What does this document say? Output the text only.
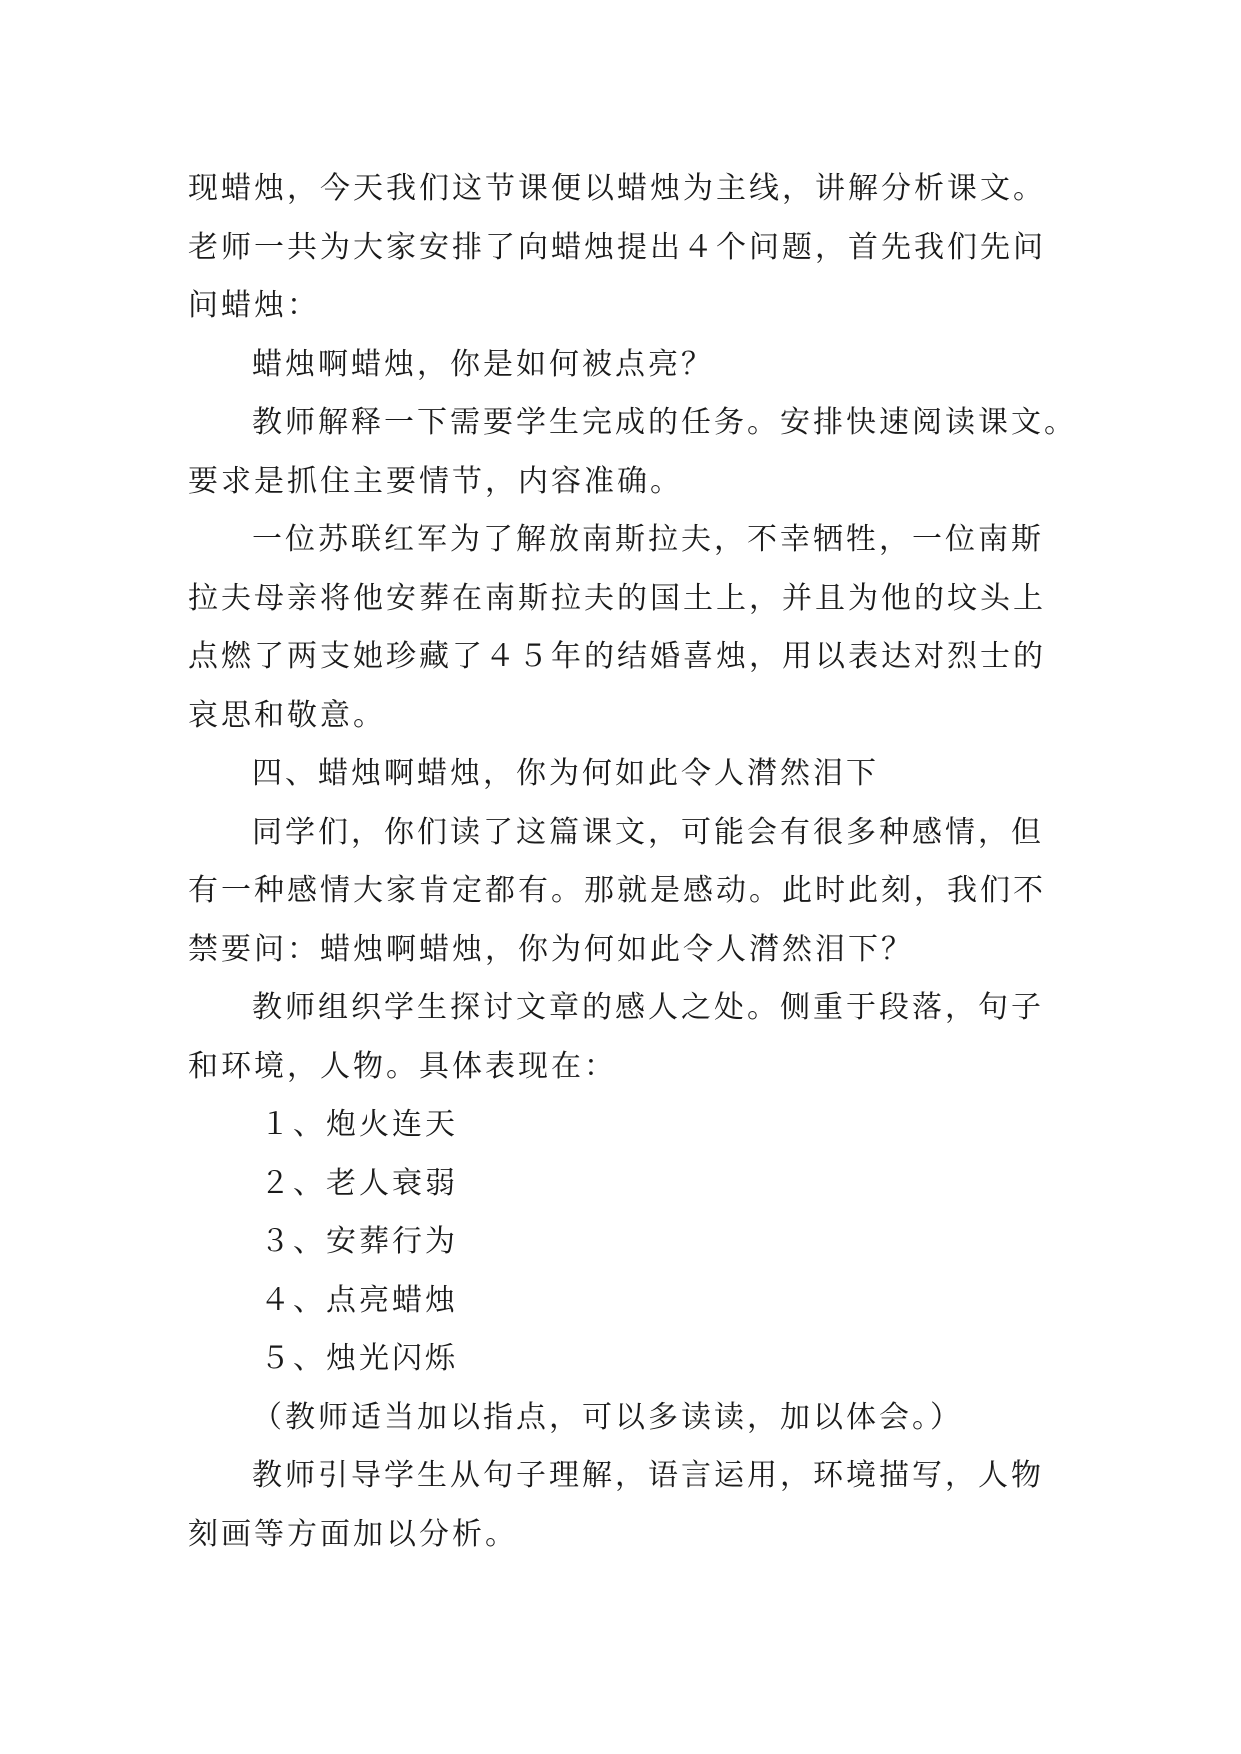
现蜡烛，今天我们这节课便以蜡烛为主线，讲解分析课文。
老师一共为大家安排了向蜡烛提出４个问题，首先我们先问
问蜡烛：
蜡烛啊蜡烛，你是如何被点亮？
教师解释一下需要学生完成的任务。安排快速阅读课文。
要求是抓住主要情节，内容准确。
一位苏联红军为了解放南斯拉夫，不幸牺牲，一位南斯
拉夫母亲将他安葬在南斯拉夫的国土上，并且为他的坟头上
点燃了两支她珍藏了４５年的结婚喜烛，用以表达对烈士的
哀思和敬意。
四、蜡烛啊蜡烛，你为何如此令人潸然泪下
同学们，你们读了这篇课文，可能会有很多种感情，但
有一种感情大家肯定都有。那就是感动。此时此刻，我们不
禁要问：蜡烛啊蜡烛，你为何如此令人潸然泪下？
教师组织学生探讨文章的感人之处。侧重于段落，句子
和环境，人物。具体表现在：
１、炮火连天
２、老人衰弱
３、安葬行为
４、点亮蜡烛
５、烛光闪烁
（教师适当加以指点，可以多读读，加以体会。）
教师引导学生从句子理解，语言运用，环境描写，人物
刻画等方面加以分析。
